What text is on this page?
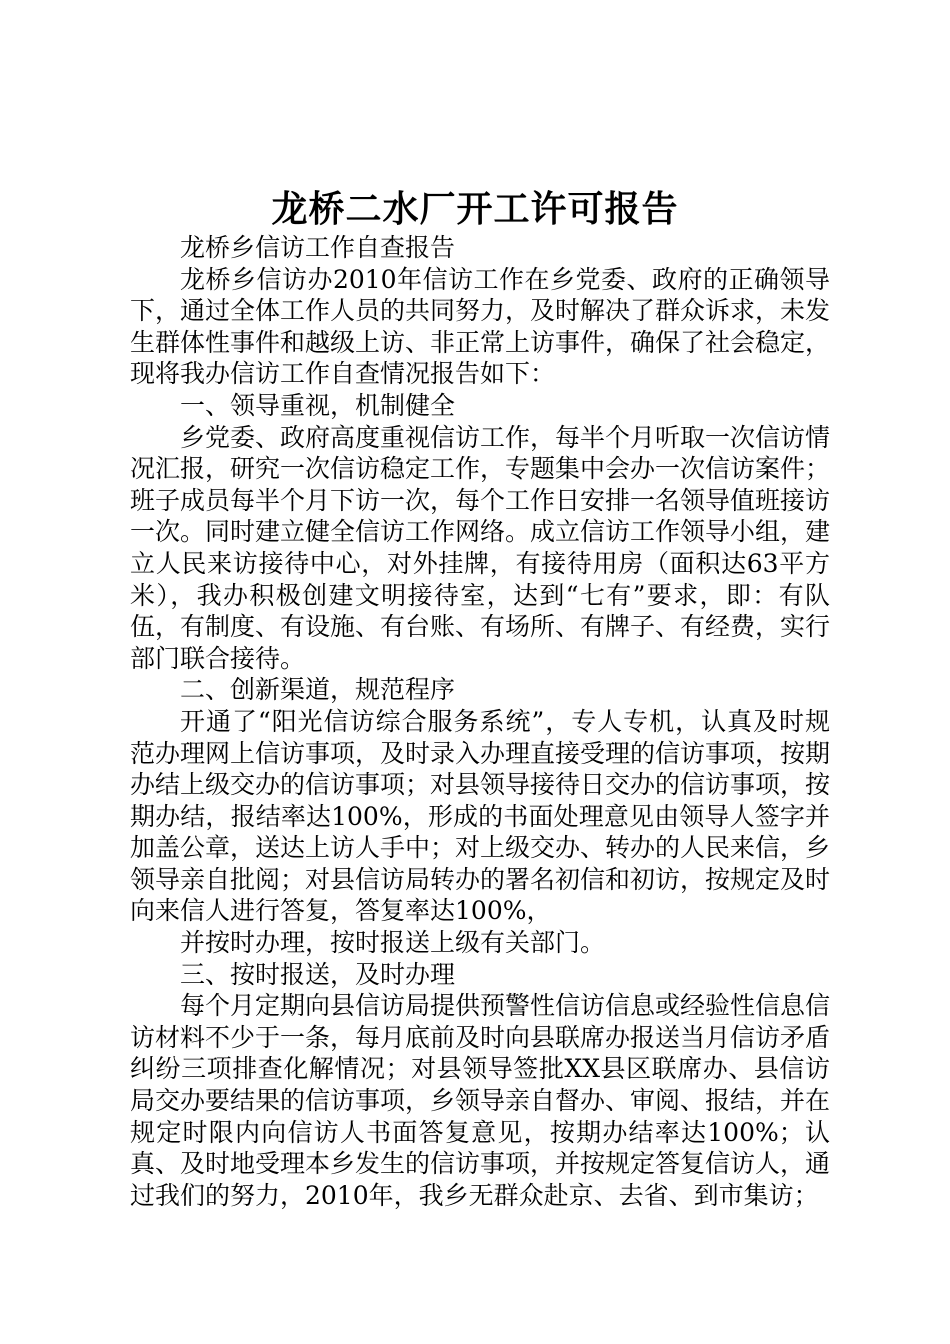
龙桥二水厂开工许可报告

龙桥乡信访工作自查报告

龙桥乡信访办2010年信访工作在乡党委、政府的正确领导下，通过全体工作人员的共同努力，及时解决了群众诉求，未发生群体性事件和越级上访、非正常上访事件，确保了社会稳定，现将我办信访工作自查情况报告如下：

一、领导重视，机制健全

乡党委、政府高度重视信访工作，每半个月听取一次信访情况汇报，研究一次信访稳定工作，专题集中会办一次信访案件；班子成员每半个月下访一次，每个工作日安排一名领导值班接访一次。同时建立健全信访工作网络。成立信访工作领导小组，建立人民来访接待中心，对外挂牌，有接待用房（面积达63平方米），我办积极创建文明接待室，达到“七有”要求，即：有队伍，有制度、有设施、有台账、有场所、有牌子、有经费，实行部门联合接待。

二、创新渠道，规范程序

开通了“阳光信访综合服务系统”，专人专机，认真及时规范办理网上信访事项，及时录入办理直接受理的信访事项，按期办结上级交办的信访事项；对县领导接待日交办的信访事项，按期办结，报结率达100%，形成的书面处理意见由领导人签字并加盖公章，送达上访人手中；对上级交办、转办的人民来信，乡领导亲自批阅；对县信访局转办的署名初信和初访，按规定及时向来信人进行答复，答复率达100%，

并按时办理，按时报送上级有关部门。

三、按时报送，及时办理

每个月定期向县信访局提供预警性信访信息或经验性信息信访材料不少于一条，每月底前及时向县联席办报送当月信访矛盾纠纷三项排查化解情况；对县领导签批XX县区联席办、县信访局交办要结果的信访事项，乡领导亲自督办、审阅、报结，并在规定时限内向信访人书面答复意见，按期办结率达100%；认真、及时地受理本乡发生的信访事项，并按规定答复信访人，通过我们的努力，2010年，我乡无群众赴京、去省、到市集访；
